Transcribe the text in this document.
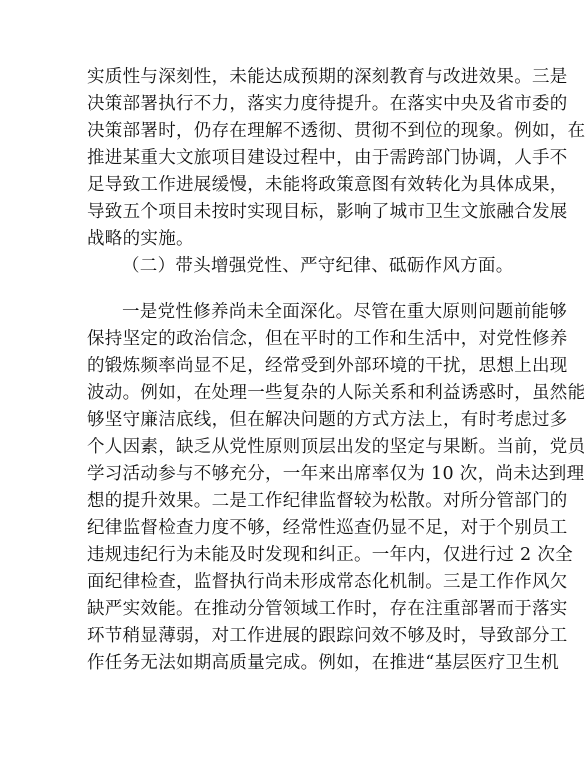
实质性与深刻性，未能达成预期的深刻教育与改进效果。三是
决策部署执行不力，落实力度待提升。在落实中央及省市委的
决策部署时，仍存在理解不透彻、贯彻不到位的现象。例如，在
推进某重大文旅项目建设过程中，由于需跨部门协调，人手不
足导致工作进展缓慢，未能将政策意图有效转化为具体成果，
导致五个项目未按时实现目标，影响了城市卫生文旅融合发展
战略的实施。
（二）带头增强党性、严守纪律、砥砺作风方面。
一是党性修养尚未全面深化。尽管在重大原则问题前能够
保持坚定的政治信念，但在平时的工作和生活中，对党性修养
的锻炼频率尚显不足，经常受到外部环境的干扰，思想上出现
波动。例如，在处理一些复杂的人际关系和利益诱惑时，虽然能
够坚守廉洁底线，但在解决问题的方式方法上，有时考虑过多
个人因素，缺乏从党性原则顶层出发的坚定与果断。当前，党员
学习活动参与不够充分，一年来出席率仅为 10 次，尚未达到理
想的提升效果。二是工作纪律监督较为松散。对所分管部门的
纪律监督检查力度不够，经常性巡查仍显不足，对于个别员工
违规违纪行为未能及时发现和纠正。一年内，仅进行过 2 次全
面纪律检查，监督执行尚未形成常态化机制。三是工作作风欠
缺严实效能。在推动分管领域工作时，存在注重部署而于落实
环节稍显薄弱，对工作进展的跟踪问效不够及时，导致部分工
作任务无法如期高质量完成。例如，在推进“基层医疗卫生机
